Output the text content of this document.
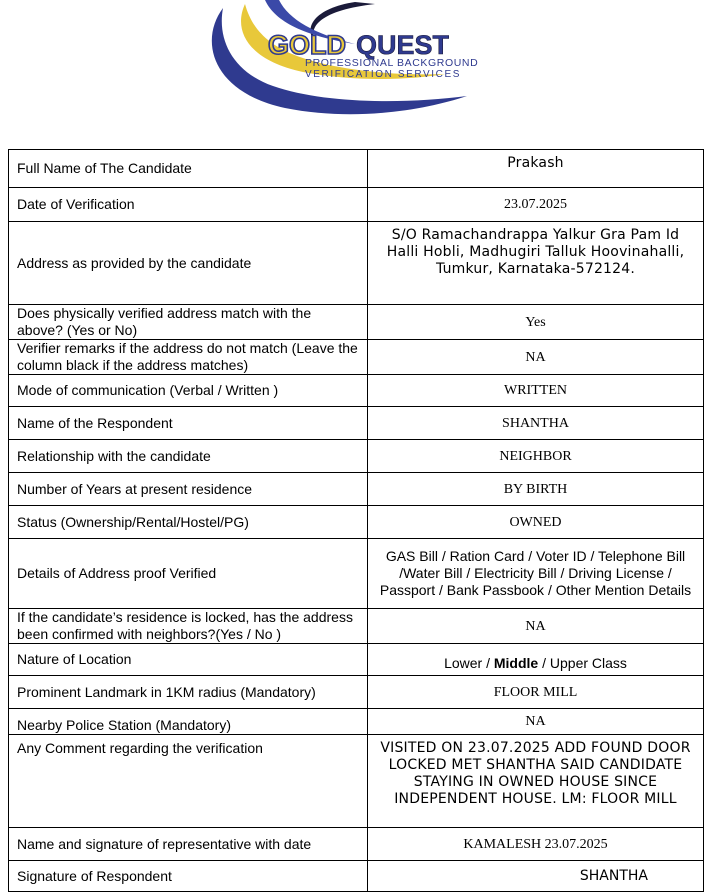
GOLD QUEST
PROFESSIONAL BACKGROUND
VERIFICATION SERVICES
Full Name of The Candidate	Prakash
Date of Verification	23.07.2025
Address as provided by the candidate	S/O Ramachandrappa Yalkur Gra Pam Id Halli Hobli, Madhugiri Talluk Hoovinahalli, Tumkur, Karnataka-572124.
Does physically verified address match with the above? (Yes or No)	Yes
Verifier remarks if the address do not match (Leave the column black if the address matches)	NA
Mode of communication (Verbal / Written )	WRITTEN
Name of the Respondent	SHANTHA
Relationship with the candidate	NEIGHBOR
Number of Years at present residence	BY BIRTH
Status (Ownership/Rental/Hostel/PG)	OWNED
Details of Address proof Verified	GAS Bill / Ration Card / Voter ID / Telephone Bill /Water Bill / Electricity Bill / Driving License / Passport / Bank Passbook / Other Mention Details
If the candidate’s residence is locked, has the address been confirmed with neighbors?(Yes / No )	NA
Nature of Location	Lower / Middle / Upper Class
Prominent Landmark in 1KM radius (Mandatory)	FLOOR MILL
Nearby Police Station (Mandatory)	NA
Any Comment regarding the verification	VISITED ON 23.07.2025 ADD FOUND DOOR LOCKED MET SHANTHA SAID CANDIDATE STAYING IN OWNED HOUSE SINCE INDEPENDENT HOUSE. LM: FLOOR MILL
Name and signature of representative with date	KAMALESH 23.07.2025
Signature of Respondent	SHANTHA
